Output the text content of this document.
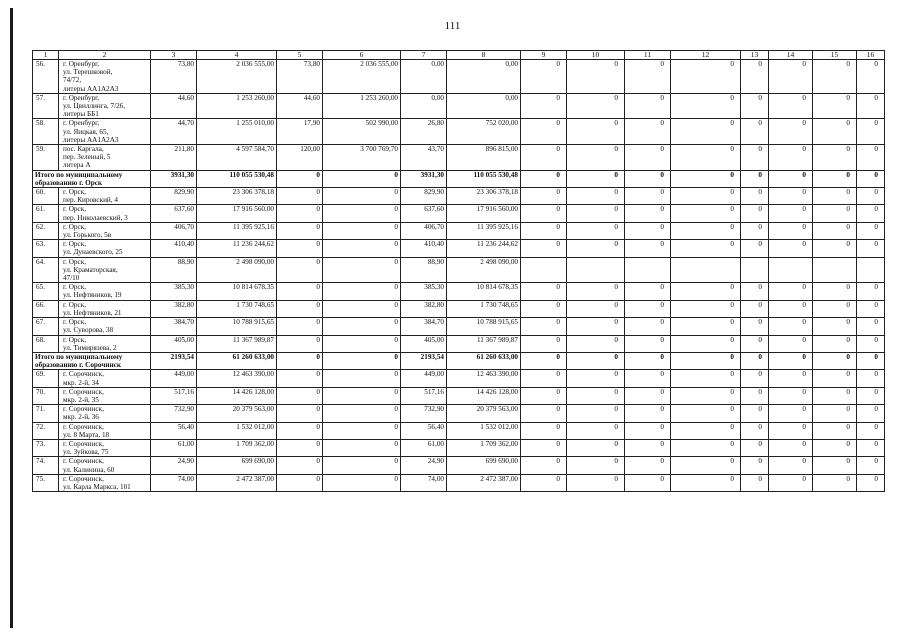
111
1	2	3	4	5	6	7	8	9	10	11	12	13	14	15	16
56.	г. Оренбург,
ул. Терешковой,
74/72,
литеры АА1А2А3	73,80	2 036 555,00	73,80	2 036 555,00	0,00	0,00	0	0	0	0	0	0	0	0
57.	г. Оренбург,
ул. Цвиллинга, 7/26,
литеры ББ1	44,60	1 253 260,00	44,60	1 253 260,00	0,00	0,00	0	0	0	0	0	0	0	0
58.	г. Оренбург,
ул. Яицкая, 65,
литеры АА1А2А3	44,70	1 255 010,00	17,90	502 990,00	26,80	752 020,00	0	0	0	0	0	0	0	0
59.	пос. Каргала,
пер. Зеленый, 5
литера А	211,80	4 597 584,70	120,00	3 700 769,70	43,70	896 815,00	0	0	0	0	0	0	0	0

Итого по муниципальному
образованию г. Орск		3931,30	110 055 530,48	0	0	3931,30	110 055 530,48	0	0	0	0	0	0	0	0
60.	г. Орск,
пер. Кировский, 4	829,90	23 306 378,18	0	0	829,90	23 306 378,18	0	0	0	0	0	0	0	0
61.	г. Орск,
пер. Николаевский, 3	637,60	17 916 560,00	0	0	637,60	17 916 560,00	0	0	0	0	0	0	0	0
62.	г. Орск,
ул. Горького, 5в	406,70	11 395 925,16	0	0	406,70	11 395 925,16	0	0	0	0	0	0	0	0
63.	г. Орск,
ул. Дунаевского, 25	410,40	11 236 244,62	0	0	410,40	11 236 244,62	0	0	0	0	0	0	0	0
64.	г. Орск,
ул. Краматорская,
47/10	88,90	2 498 090,00	0	0	88,90	2 498 090,00								
65.	г. Орск,
ул. Нефтяников, 19	385,30	10 814 678,35	0	0	385,30	10 814 678,35	0	0	0	0	0	0	0	0
66.	г. Орск,
ул. Нефтяников, 21	382,80	1 730 748,65	0	0	382,80	1 730 748,65	0	0	0	0	0	0	0	0
67.	г. Орск,
ул. Суворова, 38	384,70	10 788 915,65	0	0	384,70	10 788 915,65	0	0	0	0	0	0	0	0
68.	г. Орск,
ул. Тимирязева, 2	405,00	11 367 989,87	0	0	405,00	11 367 989,87	0	0	0	0	0	0	0	0

Итого по муниципальному
образованию г. Сорочинск		2193,54	61 260 633,00	0	0	2193,54	61 260 633,00	0	0	0	0	0	0	0	0
69.	г. Сорочинск,
мкр. 2-й, 34	449,00	12 463 390,00	0	0	449,00	12 463 390,00	0	0	0	0	0	0	0	0
70.	г. Сорочинск,
мкр. 2-й, 35	517,16	14 426 128,00	0	0	517,16	14 426 128,00	0	0	0	0	0	0	0	0
71.	г. Сорочинск,
мкр. 2-й, 36	732,90	20 379 563,00	0	0	732,90	20 379 563,00	0	0	0	0	0	0	0	0
72.	г. Сорочинск,
ул. 8 Марта, 18	56,40	1 532 012,00	0	0	56,40	1 532 012,00	0	0	0	0	0	0	0	0
73.	г. Сорочинск,
ул. Зуйкова, 75	61,00	1 709 362,00	0	0	61,00	1 709 362,00	0	0	0	0	0	0	0	0
74.	г. Сорочинск,
ул. Калинина, 60	24,90	699 690,00	0	0	24,90	699 690,00	0	0	0	0	0	0	0	0
75.	г. Сорочинск,
ул. Карла Маркса, 101	74,00	2 472 387,00	0	0	74,00	2 472 387,00	0	0	0	0	0	0	0	0
